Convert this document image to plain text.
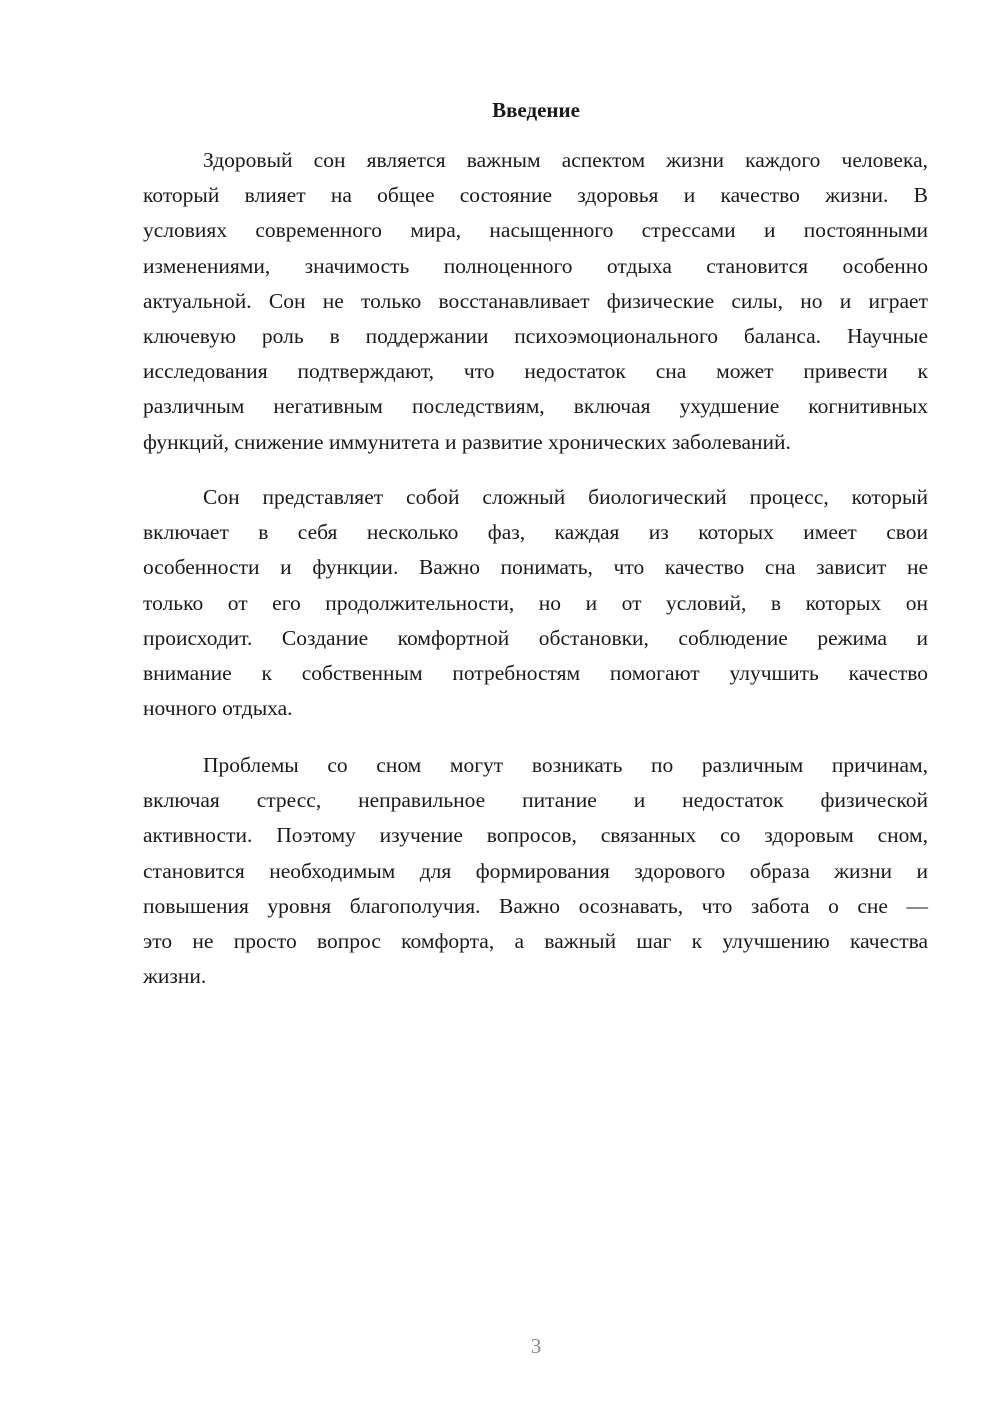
Введение
Здоровый сон является важным аспектом жизни каждого человека,
который влияет на общее состояние здоровья и качество жизни. В
условиях современного мира, насыщенного стрессами и постоянными
изменениями, значимость полноценного отдыха становится особенно
актуальной. Сон не только восстанавливает физические силы, но и играет
ключевую роль в поддержании психоэмоционального баланса. Научные
исследования подтверждают, что недостаток сна может привести к
различным негативным последствиям, включая ухудшение когнитивных
функций, снижение иммунитета и развитие хронических заболеваний.
Сон представляет собой сложный биологический процесс, который
включает в себя несколько фаз, каждая из которых имеет свои
особенности и функции. Важно понимать, что качество сна зависит не
только от его продолжительности, но и от условий, в которых он
происходит. Создание комфортной обстановки, соблюдение режима и
внимание к собственным потребностям помогают улучшить качество
ночного отдыха.
Проблемы со сном могут возникать по различным причинам,
включая стресс, неправильное питание и недостаток физической
активности. Поэтому изучение вопросов, связанных со здоровым сном,
становится необходимым для формирования здорового образа жизни и
повышения уровня благополучия. Важно осознавать, что забота о сне —
это не просто вопрос комфорта, а важный шаг к улучшению качества
жизни.
3
